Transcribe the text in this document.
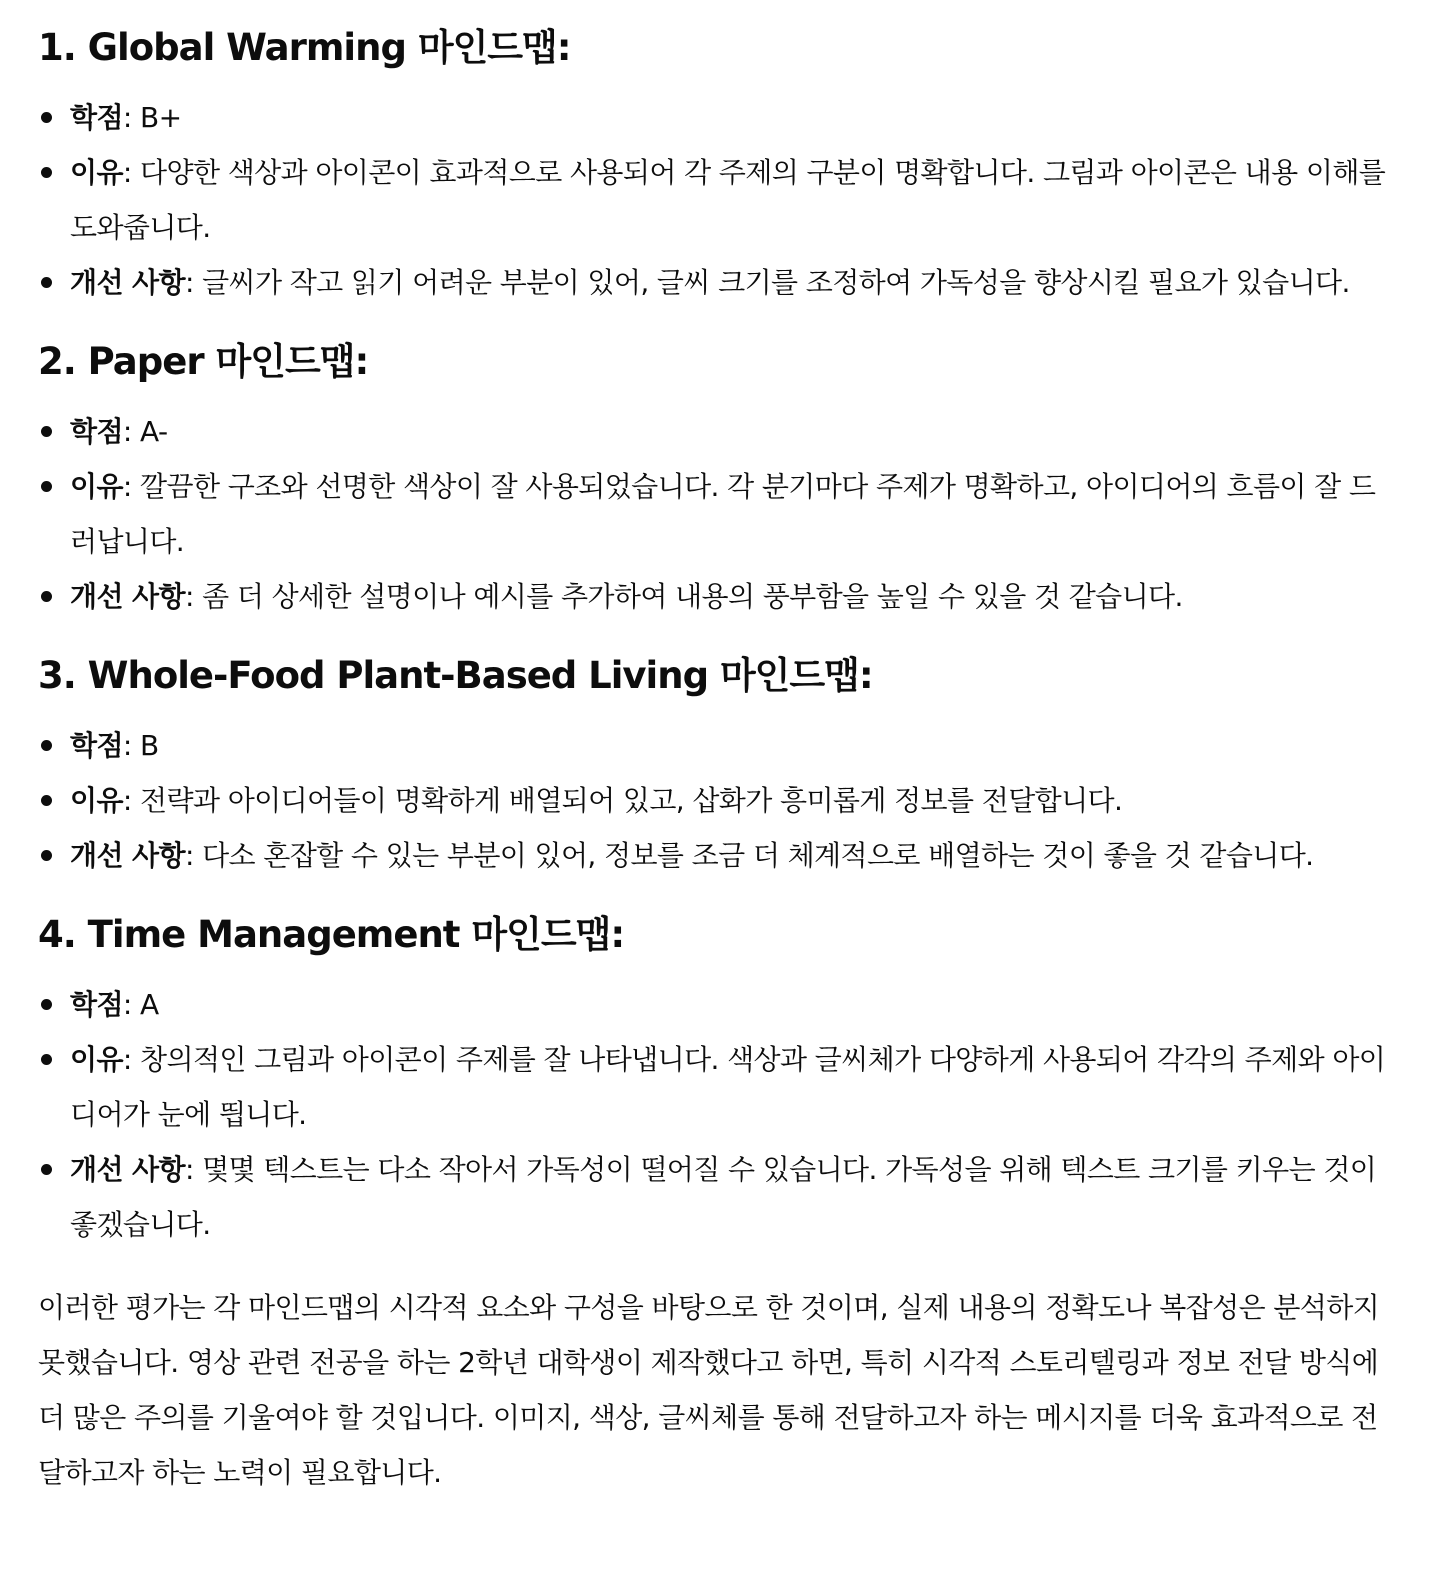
1. Global Warming 마인드맵:
학점: B+
이유: 다양한 색상과 아이콘이 효과적으로 사용되어 각 주제의 구분이 명확합니다. 그림과 아이콘은 내용 이해를 도와줍니다.
개선 사항: 글씨가 작고 읽기 어려운 부분이 있어, 글씨 크기를 조정하여 가독성을 향상시킬 필요가 있습니다.
2. Paper 마인드맵:
학점: A-
이유: 깔끔한 구조와 선명한 색상이 잘 사용되었습니다. 각 분기마다 주제가 명확하고, 아이디어의 흐름이 잘 드러납니다.
개선 사항: 좀 더 상세한 설명이나 예시를 추가하여 내용의 풍부함을 높일 수 있을 것 같습니다.
3. Whole-Food Plant-Based Living 마인드맵:
학점: B
이유: 전략과 아이디어들이 명확하게 배열되어 있고, 삽화가 흥미롭게 정보를 전달합니다.
개선 사항: 다소 혼잡할 수 있는 부분이 있어, 정보를 조금 더 체계적으로 배열하는 것이 좋을 것 같습니다.
4. Time Management 마인드맵:
학점: A
이유: 창의적인 그림과 아이콘이 주제를 잘 나타냅니다. 색상과 글씨체가 다양하게 사용되어 각각의 주제와 아이디어가 눈에 띕니다.
개선 사항: 몇몇 텍스트는 다소 작아서 가독성이 떨어질 수 있습니다. 가독성을 위해 텍스트 크기를 키우는 것이 좋겠습니다.

이러한 평가는 각 마인드맵의 시각적 요소와 구성을 바탕으로 한 것이며, 실제 내용의 정확도나 복잡성은 분석하지 못했습니다. 영상 관련 전공을 하는 2학년 대학생이 제작했다고 하면, 특히 시각적 스토리텔링과 정보 전달 방식에 더 많은 주의를 기울여야 할 것입니다. 이미지, 색상, 글씨체를 통해 전달하고자 하는 메시지를 더욱 효과적으로 전달하고자 하는 노력이 필요합니다.
